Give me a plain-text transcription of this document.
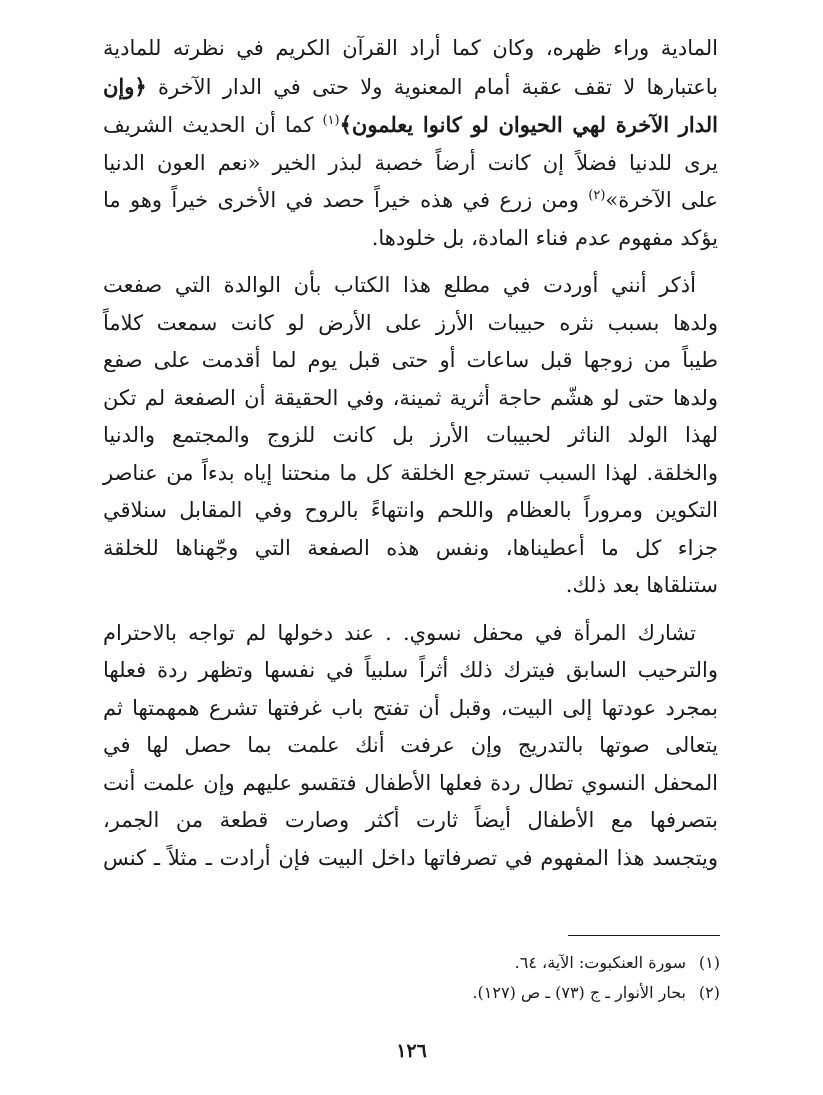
المادية وراء ظهره، وكان كما أراد القرآن الكريم في نظرته للمادية
باعتبارها لا تقف عقبة أمام المعنوية ولا حتى في الدار الآخرة ﴿وإن
الدار الآخرة لهي الحيوان لو كانوا يعلمون﴾$^{(١)}$ كما أن الحديث الشريف
يرى للدنيا فضلاً إن كانت أرضاً خصبة لبذر الخير «نعم العون الدنيا
على الآخرة»$^{(٢)}$ ومن زرع في هذه خيراً حصد في الأخرى خيراً وهو ما
يؤكد مفهوم عدم فناء المادة، بل خلودها.

أذكر أنني أوردت في مطلع هذا الكتاب بأن الوالدة التي صفعت
ولدها بسبب نثره حبيبات الأرز على الأرض لو كانت سمعت كلاماً
طيباً من زوجها قبل ساعات أو حتى قبل يوم لما أقدمت على صفع
ولدها حتى لو هشّم حاجة أثرية ثمينة، وفي الحقيقة أن الصفعة لم تكن
لهذا الولد الناثر لحبيبات الأرز بل كانت للزوج والمجتمع والدنيا
والخلقة. لهذا السبب تسترجع الخلقة كل ما منحتنا إياه بدءاً من عناصر
التكوين ومروراً بالعظام واللحم وانتهاءً بالروح وفي المقابل سنلاقي
جزاء كل ما أعطيناها، ونفس هذه الصفعة التي وجّهناها للخلقة
ستنلقاها بعد ذلك.

تشارك المرأة في محفل نسوي. . عند دخولها لم تواجه بالاحترام
والترحيب السابق فيترك ذلك أثراً سلبياً في نفسها وتظهر ردة فعلها
بمجرد عودتها إلى البيت، وقبل أن تفتح باب غرفتها تشرع همهمتها ثم
يتعالى صوتها بالتدريج وإن عرفت أنك علمت بما حصل لها في
المحفل النسوي تطال ردة فعلها الأطفال فتقسو عليهم وإن علمت أنت
بتصرفها مع الأطفال أيضاً ثارت أكثر وصارت قطعة من الجمر،
ويتجسد هذا المفهوم في تصرفاتها داخل البيت فإن أرادت ـ مثلاً ـ كنس

(١)سورة العنكبوت: الآية، ٦٤.
(٢)بحار الأنوار ـ ج (٧٣) ـ ص (١٢٧).
١٢٦
